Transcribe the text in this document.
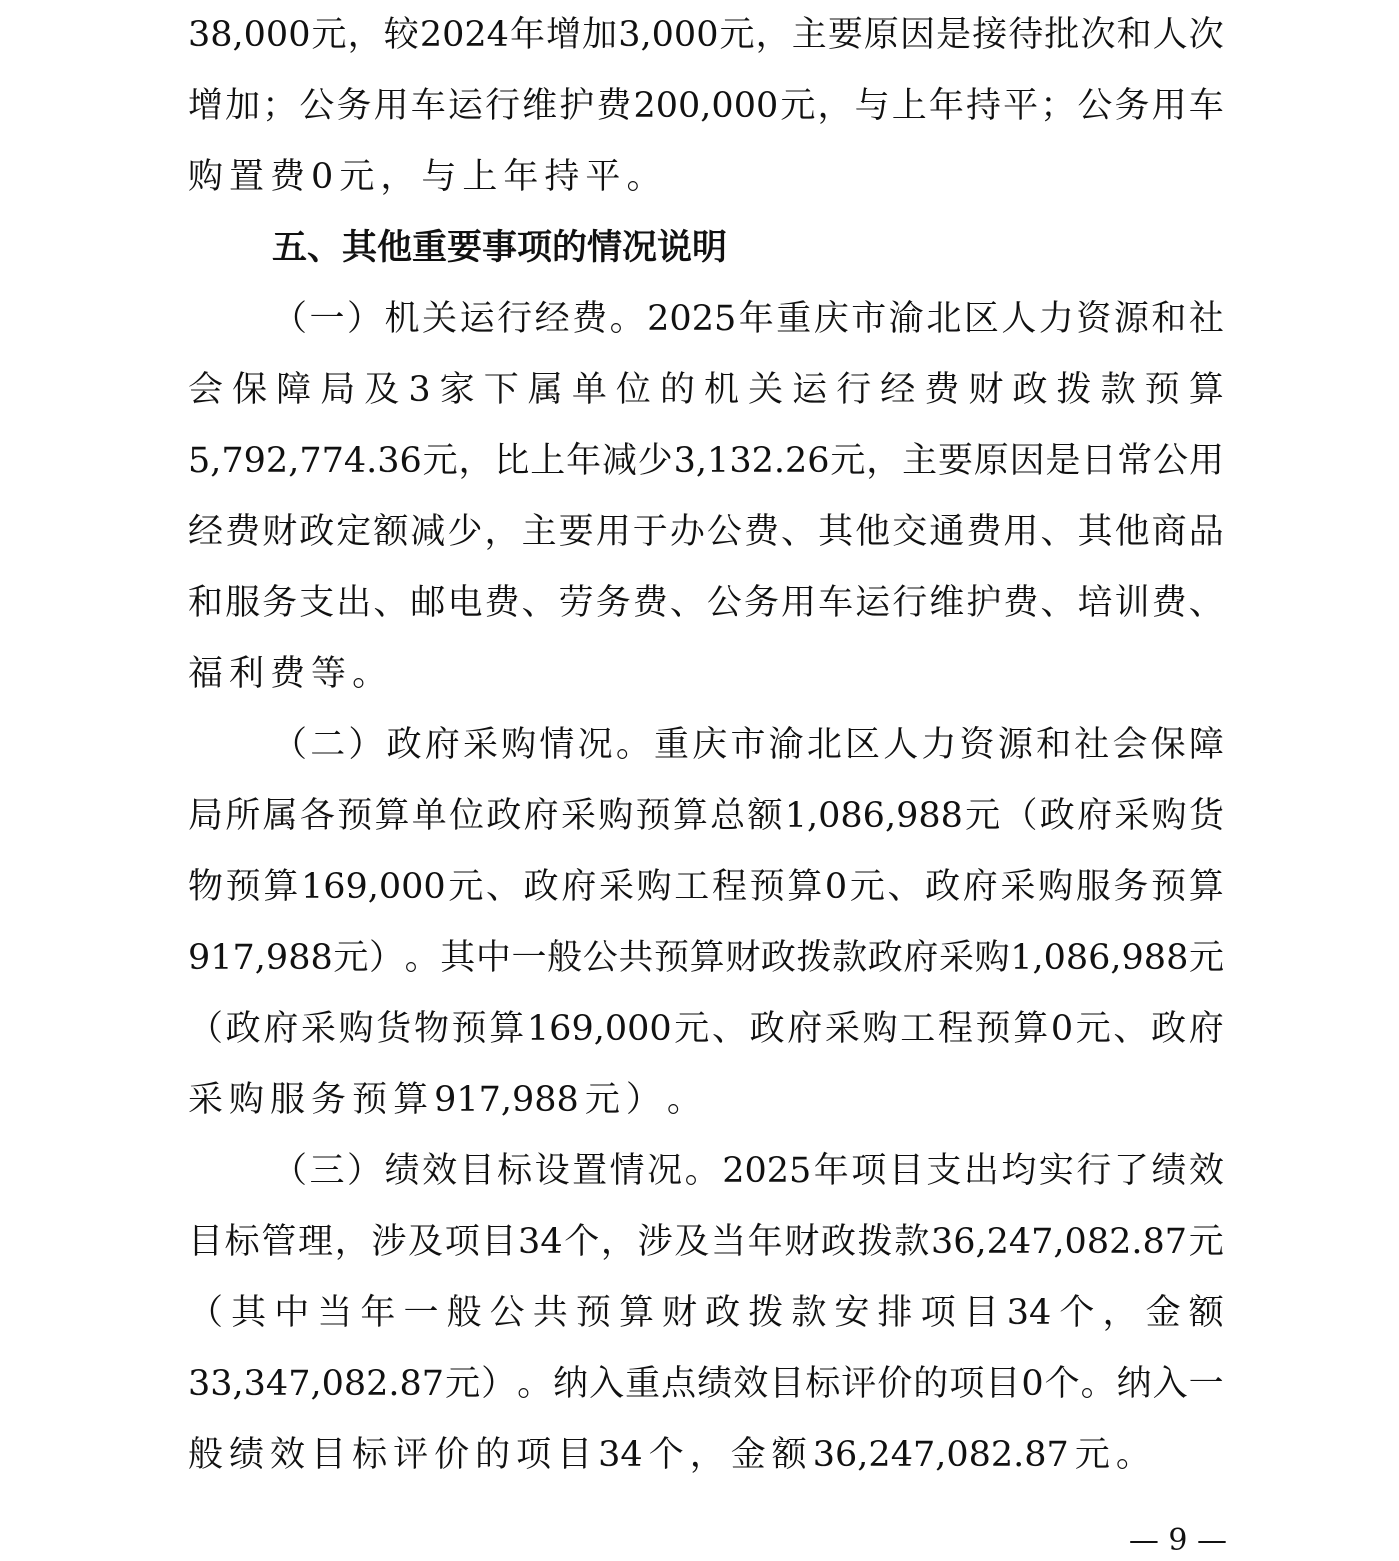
38,000 元 ， 较 2024 年 增 加 3,000 元 ， 主 要 原 因 是 接 待 批 次 和 人 次
增 加 ； 公 务 用 车 运 行 维 护 费 200,000 元 ， 与 上 年 持 平 ； 公 务 用 车
购 置 费 0 元 ， 与 上 年 持 平 。
五、其他重要事项的情况说明
（ 一 ） 机 关 运 行 经 费 。 2025 年 重 庆 市 渝 北 区 人 力 资 源 和 社
会 保 障 局 及 3 家 下 属 单 位 的 机 关 运 行 经 费 财 政 拨 款 预 算
5,792,774.36 元 ， 比 上 年 减 少 3,132.26 元 ， 主 要 原 因 是 日 常 公 用
经 费 财 政 定 额 减 少 ， 主 要 用 于 办 公 费 、 其 他 交 通 费 用 、 其 他 商 品
和 服 务 支 出 、 邮 电 费 、 劳 务 费 、 公 务 用 车 运 行 维 护 费 、 培 训 费 、
福 利 费 等 。
（ 二 ） 政 府 采 购 情 况 。 重 庆 市 渝 北 区 人 力 资 源 和 社 会 保 障
局 所 属 各 预 算 单 位 政 府 采 购 预 算 总 额 1,086,988 元 （ 政 府 采 购 货
物 预 算 169,000 元 、 政 府 采 购 工 程 预 算 0 元 、 政 府 采 购 服 务 预 算
917,988 元 ） 。 其 中 一 般 公 共 预 算 财 政 拨 款 政 府 采 购 1,086,988 元
（ 政 府 采 购 货 物 预 算 169,000 元 、 政 府 采 购 工 程 预 算 0 元 、 政 府
采 购 服 务 预 算 917,988 元 ） 。
（ 三 ） 绩 效 目 标 设 置 情 况 。 2025 年 项 目 支 出 均 实 行 了 绩 效
目 标 管 理 ， 涉 及 项 目 34 个 ， 涉 及 当 年 财 政 拨 款 36,247,082.87 元
（ 其 中 当 年 一 般 公 共 预 算 财 政 拨 款 安 排 项 目 34 个 ， 金 额
33,347,082.87 元 ） 。 纳 入 重 点 绩 效 目 标 评 价 的 项 目 0 个 。 纳 入 一
般 绩 效 目 标 评 价 的 项 目 34 个 ， 金 额 36,247,082.87 元 。
— 9 —
